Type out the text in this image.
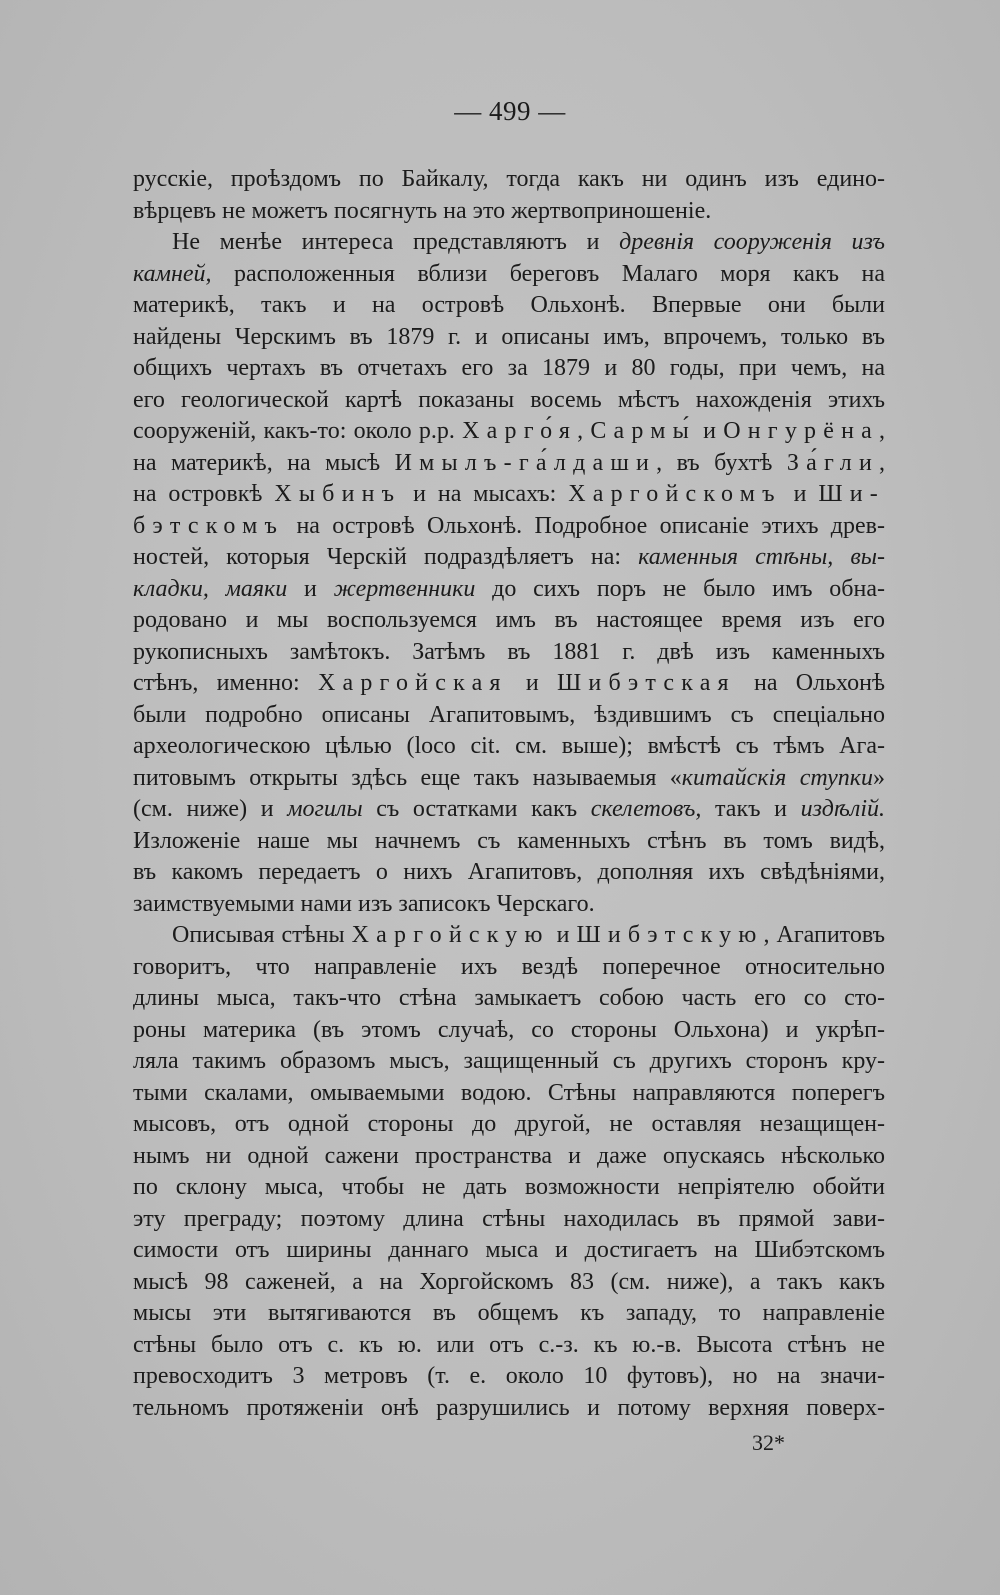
— 499 —
русскіе, проѣздомъ по Байкалу, тогда какъ ни одинъ изъ едино-
вѣрцевъ не можетъ посягнуть на это жертвоприношеніе.
Не менѣе интереса представляютъ и древнія сооруженія изъ
камней, расположенныя вблизи береговъ Малаго моря какъ на
материкѣ, такъ и на островѣ Ольхонѣ. Впервые они были
найдены Черскимъ въ 1879 г. и описаны имъ, впрочемъ, только въ
общихъ чертахъ въ отчетахъ его за 1879 и 80 годы, при чемъ, на
его геологической картѣ показаны восемь мѣстъ нахожденія этихъ
сооруженій, какъ-то: около р.р. Харго́я, Сармы́ и Онгурёна,
на материкѣ, на мысѣ Имылъ-га́лдаши, въ бухтѣ За́гли,
на островкѣ Хыбинъ и на мысахъ: Харгойскомъ и Ши-
бэтскомъ на островѣ Ольхонѣ. Подробное описаніе этихъ древ-
ностей, которыя Черскій подраздѣляетъ на: каменныя стѣны, вы-
кладки, маяки и жертвенники до сихъ поръ не было имъ обна-
родовано и мы воспользуемся имъ въ настоящее время изъ его
рукописныхъ замѣтокъ. Затѣмъ въ 1881 г. двѣ изъ каменныхъ
стѣнъ, именно: Харгойская и Шибэтская на Ольхонѣ
были подробно описаны Агапитовымъ, ѣздившимъ съ спеціально
археологическою цѣлью (loco cit. см. выше); вмѣстѣ съ тѣмъ Ага-
питовымъ открыты здѣсь еще такъ называемыя «китайскія ступки»
(см. ниже) и могилы съ остатками какъ скелетовъ, такъ и издѣлій.
Изложеніе наше мы начнемъ съ каменныхъ стѣнъ въ томъ видѣ,
въ какомъ передаетъ о нихъ Агапитовъ, дополняя ихъ свѣдѣніями,
заимствуемыми нами изъ записокъ Черскаго.
Описывая стѣны Харгойскую и Шибэтскую, Агапитовъ
говоритъ, что направленіе ихъ вездѣ поперечное относительно
длины мыса, такъ-что стѣна замыкаетъ собою часть его со сто-
роны материка (въ этомъ случаѣ, со стороны Ольхона) и укрѣп-
ляла такимъ образомъ мысъ, защищенный съ другихъ сторонъ кру-
тыми скалами, омываемыми водою. Стѣны направляются поперегъ
мысовъ, отъ одной стороны до другой, не оставляя незащищен-
нымъ ни одной сажени пространства и даже опускаясь нѣсколько
по склону мыса, чтобы не дать возможности непріятелю обойти
эту преграду; поэтому длина стѣны находилась въ прямой зави-
симости отъ ширины даннаго мыса и достигаетъ на Шибэтскомъ
мысѣ 98 саженей, а на Хоргойскомъ 83 (см. ниже), а такъ какъ
мысы эти вытягиваются въ общемъ къ западу, то направленіе
стѣны было отъ с. къ ю. или отъ с.-з. къ ю.-в. Высота стѣнъ не
превосходитъ 3 метровъ (т. е. около 10 футовъ), но на значи-
тельномъ протяженіи онѣ разрушились и потому верхняя поверх-
32*
